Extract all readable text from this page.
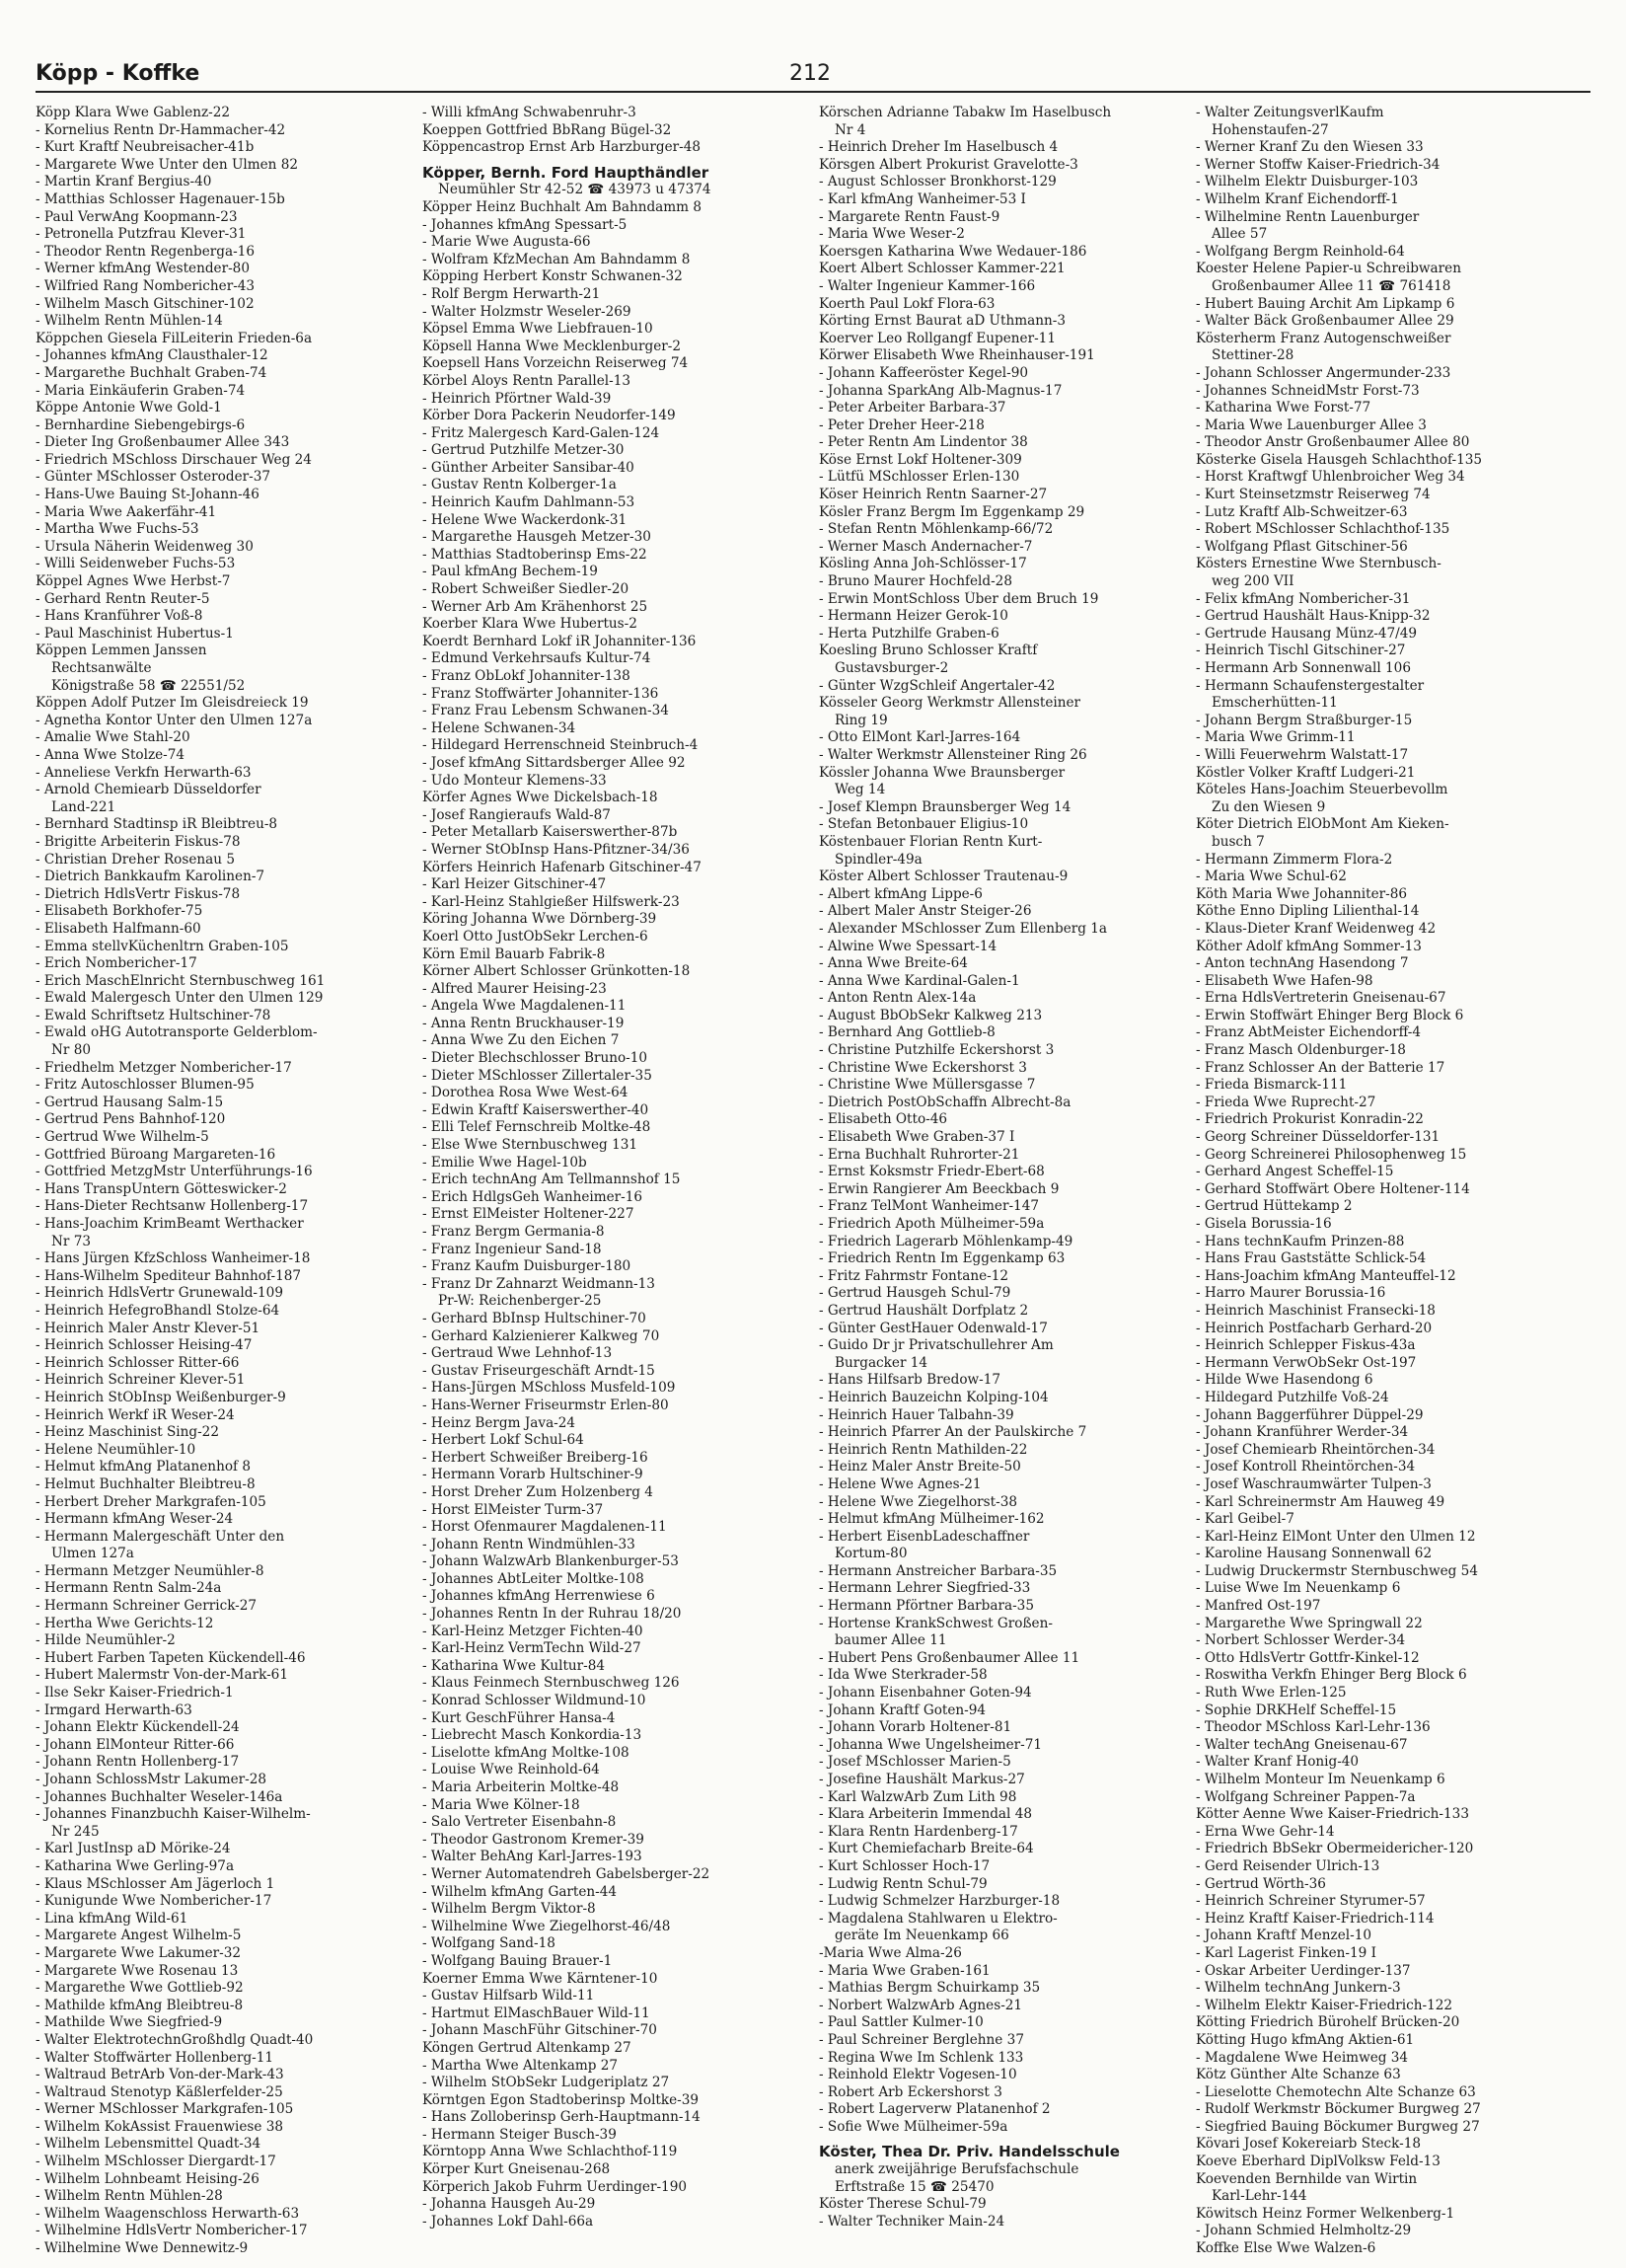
Köpp - Koffke	212
Köpp Klara Wwe Gablenz-22
- Kornelius Rentn Dr-Hammacher-42
- Kurt Kraftf Neubreisacher-41b
- Margarete Wwe Unter den Ulmen 82
- Martin Kranf Bergius-40
- Matthias Schlosser Hagenauer-15b
- Paul VerwAng Koopmann-23
- Petronella Putzfrau Klever-31
- Theodor Rentn Regenberga-16
- Werner kfmAng Westender-80
- Wilfried Rang Nombericher-43
- Wilhelm Masch Gitschiner-102
- Wilhelm Rentn Mühlen-14
Köppchen Giesela FilLeiterin Frieden-6a
- Johannes kfmAng Clausthaler-12
- Margarethe Buchhalt Graben-74
- Maria Einkäuferin Graben-74
Köppe Antonie Wwe Gold-1
- Bernhardine Siebengebirgs-6
- Dieter Ing Großenbaumer Allee 343
- Friedrich MSchloss Dirschauer Weg 24
- Günter MSchlosser Osteroder-37
- Hans-Uwe Bauing St-Johann-46
- Maria Wwe Aakerfähr-41
- Martha Wwe Fuchs-53
- Ursula Näherin Weidenweg 30
- Willi Seidenweber Fuchs-53
Köppel Agnes Wwe Herbst-7
- Gerhard Rentn Reuter-5
- Hans Kranführer Voß-8
- Paul Maschinist Hubertus-1
Köppen Lemmen Janssen
Rechtsanwälte
Königstraße 58 ☎ 22551/52
Köppen Adolf Putzer Im Gleisdreieck 19
- Agnetha Kontor Unter den Ulmen 127a
- Amalie Wwe Stahl-20
- Anna Wwe Stolze-74
- Anneliese Verkfn Herwarth-63
- Arnold Chemiearb Düsseldorfer
Land-221
- Bernhard Stadtinsp iR Bleibtreu-8
- Brigitte Arbeiterin Fiskus-78
- Christian Dreher Rosenau 5
- Dietrich Bankkaufm Karolinen-7
- Dietrich HdlsVertr Fiskus-78
- Elisabeth Borkhofer-75
- Elisabeth Halfmann-60
- Emma stellvKüchenltrn Graben-105
- Erich Nombericher-17
- Erich MaschElnricht Sternbuschweg 161
- Ewald Malergesch Unter den Ulmen 129
- Ewald Schriftsetz Hultschiner-78
- Ewald oHG Autotransporte Gelderblom-
Nr 80
- Friedhelm Metzger Nombericher-17
- Fritz Autoschlosser Blumen-95
- Gertrud Hausang Salm-15
- Gertrud Pens Bahnhof-120
- Gertrud Wwe Wilhelm-5
- Gottfried Büroang Margareten-16
- Gottfried MetzgMstr Unterführungs-16
- Hans TranspUntern Götteswicker-2
- Hans-Dieter Rechtsanw Hollenberg-17
- Hans-Joachim KrimBeamt Werthacker
Nr 73
- Hans Jürgen KfzSchloss Wanheimer-18
- Hans-Wilhelm Spediteur Bahnhof-187
- Heinrich HdlsVertr Grunewald-109
- Heinrich HefegroBhandl Stolze-64
- Heinrich Maler Anstr Klever-51
- Heinrich Schlosser Heising-47
- Heinrich Schlosser Ritter-66
- Heinrich Schreiner Klever-51
- Heinrich StObInsp Weißenburger-9
- Heinrich Werkf iR Weser-24
- Heinz Maschinist Sing-22
- Helene Neumühler-10
- Helmut kfmAng Platanenhof 8
- Helmut Buchhalter Bleibtreu-8
- Herbert Dreher Markgrafen-105
- Hermann kfmAng Weser-24
- Hermann Malergeschäft Unter den
Ulmen 127a
- Hermann Metzger Neumühler-8
- Hermann Rentn Salm-24a
- Hermann Schreiner Gerrick-27
- Hertha Wwe Gerichts-12
- Hilde Neumühler-2
- Hubert Farben Tapeten Kückendell-46
- Hubert Malermstr Von-der-Mark-61
- Ilse Sekr Kaiser-Friedrich-1
- Irmgard Herwarth-63
- Johann Elektr Kückendell-24
- Johann ElMonteur Ritter-66
- Johann Rentn Hollenberg-17
- Johann SchlossMstr Lakumer-28
- Johannes Buchhalter Weseler-146a
- Johannes Finanzbuchh Kaiser-Wilhelm-
Nr 245
- Karl JustInsp aD Mörike-24
- Katharina Wwe Gerling-97a
- Klaus MSchlosser Am Jägerloch 1
- Kunigunde Wwe Nombericher-17
- Lina kfmAng Wild-61
- Margarete Angest Wilhelm-5
- Margarete Wwe Lakumer-32
- Margarete Wwe Rosenau 13
- Margarethe Wwe Gottlieb-92
- Mathilde kfmAng Bleibtreu-8
- Mathilde Wwe Siegfried-9
- Walter ElektrotechnGroßhdlg Quadt-40
- Walter Stoffwärter Hollenberg-11
- Waltraud BetrArb Von-der-Mark-43
- Waltraud Stenotyp Käßlerfelder-25
- Werner MSchlosser Markgrafen-105
- Wilhelm KokAssist Frauenwiese 38
- Wilhelm Lebensmittel Quadt-34
- Wilhelm MSchlosser Diergardt-17
- Wilhelm Lohnbeamt Heising-26
- Wilhelm Rentn Mühlen-28
- Wilhelm Waagenschloss Herwarth-63
- Wilhelmine HdlsVertr Nombericher-17
- Wilhelmine Wwe Dennewitz-9
- Willi kfmAng Schwabenruhr-3
Koeppen Gottfried BbRang Bügel-32
Köppencastrop Ernst Arb Harzburger-48
Köpper, Bernh. Ford Haupthändler
Neumühler Str 42-52 ☎ 43973 u 47374
Köpper Heinz Buchhalt Am Bahndamm 8
- Johannes kfmAng Spessart-5
- Marie Wwe Augusta-66
- Wolfram KfzMechan Am Bahndamm 8
Köpping Herbert Konstr Schwanen-32
- Rolf Bergm Herwarth-21
- Walter Holzmstr Weseler-269
Köpsel Emma Wwe Liebfrauen-10
Köpsell Hanna Wwe Mecklenburger-2
Koepsell Hans Vorzeichn Reiserweg 74
Körbel Aloys Rentn Parallel-13
- Heinrich Pförtner Wald-39
Körber Dora Packerin Neudorfer-149
- Fritz Malergesch Kard-Galen-124
- Gertrud Putzhilfe Metzer-30
- Günther Arbeiter Sansibar-40
- Gustav Rentn Kolberger-1a
- Heinrich Kaufm Dahlmann-53
- Helene Wwe Wackerdonk-31
- Margarethe Hausgeh Metzer-30
- Matthias Stadtoberinsp Ems-22
- Paul kfmAng Bechem-19
- Robert Schweißer Siedler-20
- Werner Arb Am Krähenhorst 25
Koerber Klara Wwe Hubertus-2
Koerdt Bernhard Lokf iR Johanniter-136
- Edmund Verkehrsaufs Kultur-74
- Franz ObLokf Johanniter-138
- Franz Stoffwärter Johanniter-136
- Franz Frau Lebensm Schwanen-34
- Helene Schwanen-34
- Hildegard Herrenschneid Steinbruch-4
- Josef kfmAng Sittardsberger Allee 92
- Udo Monteur Klemens-33
Körfer Agnes Wwe Dickelsbach-18
- Josef Rangieraufs Wald-87
- Peter Metallarb Kaiserswerther-87b
- Werner StObInsp Hans-Pfitzner-34/36
Körfers Heinrich Hafenarb Gitschiner-47
- Karl Heizer Gitschiner-47
- Karl-Heinz Stahlgießer Hilfswerk-23
Köring Johanna Wwe Dörnberg-39
Koerl Otto JustObSekr Lerchen-6
Körn Emil Bauarb Fabrik-8
Körner Albert Schlosser Grünkotten-18
- Alfred Maurer Heising-23
- Angela Wwe Magdalenen-11
- Anna Rentn Bruckhauser-19
- Anna Wwe Zu den Eichen 7
- Dieter Blechschlosser Bruno-10
- Dieter MSchlosser Zillertaler-35
- Dorothea Rosa Wwe West-64
- Edwin Kraftf Kaiserswerther-40
- Elli Telef Fernschreib Moltke-48
- Else Wwe Sternbuschweg 131
- Emilie Wwe Hagel-10b
- Erich technAng Am Tellmannshof 15
- Erich HdlgsGeh Wanheimer-16
- Ernst ElMeister Holtener-227
- Franz Bergm Germania-8
- Franz Ingenieur Sand-18
- Franz Kaufm Duisburger-180
- Franz Dr Zahnarzt Weidmann-13
Pr-W: Reichenberger-25
- Gerhard BbInsp Hultschiner-70
- Gerhard Kalzienierer Kalkweg 70
- Gertraud Wwe Lehnhof-13
- Gustav Friseurgeschäft Arndt-15
- Hans-Jürgen MSchloss Musfeld-109
- Hans-Werner Friseurmstr Erlen-80
- Heinz Bergm Java-24
- Herbert Lokf Schul-64
- Herbert Schweißer Breiberg-16
- Hermann Vorarb Hultschiner-9
- Horst Dreher Zum Holzenberg 4
- Horst ElMeister Turm-37
- Horst Ofenmaurer Magdalenen-11
- Johann Rentn Windmühlen-33
- Johann WalzwArb Blankenburger-53
- Johannes AbtLeiter Moltke-108
- Johannes kfmAng Herrenwiese 6
- Johannes Rentn In der Ruhrau 18/20
- Karl-Heinz Metzger Fichten-40
- Karl-Heinz VermTechn Wild-27
- Katharina Wwe Kultur-84
- Klaus Feinmech Sternbuschweg 126
- Konrad Schlosser Wildmund-10
- Kurt GeschFührer Hansa-4
- Liebrecht Masch Konkordia-13
- Liselotte kfmAng Moltke-108
- Louise Wwe Reinhold-64
- Maria Arbeiterin Moltke-48
- Maria Wwe Kölner-18
- Salo Vertreter Eisenbahn-8
- Theodor Gastronom Kremer-39
- Walter BehAng Karl-Jarres-193
- Werner Automatendreh Gabelsberger-22
- Wilhelm kfmAng Garten-44
- Wilhelm Bergm Viktor-8
- Wilhelmine Wwe Ziegelhorst-46/48
- Wolfgang Sand-18
- Wolfgang Bauing Brauer-1
Koerner Emma Wwe Kärntener-10
- Gustav Hilfsarb Wild-11
- Hartmut ElMaschBauer Wild-11
- Johann MaschFühr Gitschiner-70
Köngen Gertrud Altenkamp 27
- Martha Wwe Altenkamp 27
- Wilhelm StObSekr Ludgeriplatz 27
Körntgen Egon Stadtoberinsp Moltke-39
- Hans Zolloberinsp Gerh-Hauptmann-14
- Hermann Steiger Busch-39
Körntopp Anna Wwe Schlachthof-119
Körper Kurt Gneisenau-268
Körperich Jakob Fuhrm Uerdinger-190
- Johanna Hausgeh Au-29
- Johannes Lokf Dahl-66a
Körschen Adrianne Tabakw Im Haselbusch
Nr 4
- Heinrich Dreher Im Haselbusch 4
Körsgen Albert Prokurist Gravelotte-3
- August Schlosser Bronkhorst-129
- Karl kfmAng Wanheimer-53 I
- Margarete Rentn Faust-9
- Maria Wwe Weser-2
Koersgen Katharina Wwe Wedauer-186
Koert Albert Schlosser Kammer-221
- Walter Ingenieur Kammer-166
Koerth Paul Lokf Flora-63
Körting Ernst Baurat aD Uthmann-3
Koerver Leo Rollgangf Eupener-11
Körwer Elisabeth Wwe Rheinhauser-191
- Johann Kaffeeröster Kegel-90
- Johanna SparkAng Alb-Magnus-17
- Peter Arbeiter Barbara-37
- Peter Dreher Heer-218
- Peter Rentn Am Lindentor 38
Köse Ernst Lokf Holtener-309
- Lütfü MSchlosser Erlen-130
Köser Heinrich Rentn Saarner-27
Kösler Franz Bergm Im Eggenkamp 29
- Stefan Rentn Möhlenkamp-66/72
- Werner Masch Andernacher-7
Kösling Anna Joh-Schlösser-17
- Bruno Maurer Hochfeld-28
- Erwin MontSchloss Über dem Bruch 19
- Hermann Heizer Gerok-10
- Herta Putzhilfe Graben-6
Koesling Bruno Schlosser Kraftf
Gustavsburger-2
- Günter WzgSchleif Angertaler-42
Kösseler Georg Werkmstr Allensteiner
Ring 19
- Otto ElMont Karl-Jarres-164
- Walter Werkmstr Allensteiner Ring 26
Kössler Johanna Wwe Braunsberger
Weg 14
- Josef Klempn Braunsberger Weg 14
- Stefan Betonbauer Eligius-10
Köstenbauer Florian Rentn Kurt-
Spindler-49a
Köster Albert Schlosser Trautenau-9
- Albert kfmAng Lippe-6
- Albert Maler Anstr Steiger-26
- Alexander MSchlosser Zum Ellenberg 1a
- Alwine Wwe Spessart-14
- Anna Wwe Breite-64
- Anna Wwe Kardinal-Galen-1
- Anton Rentn Alex-14a
- August BbObSekr Kalkweg 213
- Bernhard Ang Gottlieb-8
- Christine Putzhilfe Eckershorst 3
- Christine Wwe Eckershorst 3
- Christine Wwe Müllersgasse 7
- Dietrich PostObSchaffn Albrecht-8a
- Elisabeth Otto-46
- Elisabeth Wwe Graben-37 I
- Erna Buchhalt Ruhrorter-21
- Ernst Koksmstr Friedr-Ebert-68
- Erwin Rangierer Am Beeckbach 9
- Franz TelMont Wanheimer-147
- Friedrich Apoth Mülheimer-59a
- Friedrich Lagerarb Möhlenkamp-49
- Friedrich Rentn Im Eggenkamp 63
- Fritz Fahrmstr Fontane-12
- Gertrud Hausgeh Schul-79
- Gertrud Haushält Dorfplatz 2
- Günter GestHauer Odenwald-17
- Guido Dr jr Privatschullehrer Am
Burgacker 14
- Hans Hilfsarb Bredow-17
- Heinrich Bauzeichn Kolping-104
- Heinrich Hauer Talbahn-39
- Heinrich Pfarrer An der Paulskirche 7
- Heinrich Rentn Mathilden-22
- Heinz Maler Anstr Breite-50
- Helene Wwe Agnes-21
- Helene Wwe Ziegelhorst-38
- Helmut kfmAng Mülheimer-162
- Herbert EisenbLadeschaffner
Kortum-80
- Hermann Anstreicher Barbara-35
- Hermann Lehrer Siegfried-33
- Hermann Pförtner Barbara-35
- Hortense KrankSchwest Großen-
baumer Allee 11
- Hubert Pens Großenbaumer Allee 11
- Ida Wwe Sterkrader-58
- Johann Eisenbahner Goten-94
- Johann Kraftf Goten-94
- Johann Vorarb Holtener-81
- Johanna Wwe Ungelsheimer-71
- Josef MSchlosser Marien-5
- Josefine Haushält Markus-27
- Karl WalzwArb Zum Lith 98
- Klara Arbeiterin Immendal 48
- Klara Rentn Hardenberg-17
- Kurt Chemiefacharb Breite-64
- Kurt Schlosser Hoch-17
- Ludwig Rentn Schul-79
- Ludwig Schmelzer Harzburger-18
- Magdalena Stahlwaren u Elektro-
geräte Im Neuenkamp 66
-Maria Wwe Alma-26
- Maria Wwe Graben-161
- Mathias Bergm Schuirkamp 35
- Norbert WalzwArb Agnes-21
- Paul Sattler Kulmer-10
- Paul Schreiner Berglehne 37
- Regina Wwe Im Schlenk 133
- Reinhold Elektr Vogesen-10
- Robert Arb Eckershorst 3
- Robert Lagerverw Platanenhof 2
- Sofie Wwe Mülheimer-59a
Köster, Thea Dr. Priv. Handelsschule
anerk zweijährige Berufsfachschule
Erftstraße 15 ☎ 25470
Köster Therese Schul-79
- Walter Techniker Main-24
- Walter ZeitungsverlKaufm
Hohenstaufen-27
- Werner Kranf Zu den Wiesen 33
- Werner Stoffw Kaiser-Friedrich-34
- Wilhelm Elektr Duisburger-103
- Wilhelm Kranf Eichendorff-1
- Wilhelmine Rentn Lauenburger
Allee 57
- Wolfgang Bergm Reinhold-64
Koester Helene Papier-u Schreibwaren
Großenbaumer Allee 11 ☎ 761418
- Hubert Bauing Archit Am Lipkamp 6
- Walter Bäck Großenbaumer Allee 29
Kösterherm Franz Autogenschweißer
Stettiner-28
- Johann Schlosser Angermunder-233
- Johannes SchneidMstr Forst-73
- Katharina Wwe Forst-77
- Maria Wwe Lauenburger Allee 3
- Theodor Anstr Großenbaumer Allee 80
Kösterke Gisela Hausgeh Schlachthof-135
- Horst Kraftwgf Uhlenbroicher Weg 34
- Kurt Steinsetzmstr Reiserweg 74
- Lutz Kraftf Alb-Schweitzer-63
- Robert MSchlosser Schlachthof-135
- Wolfgang Pflast Gitschiner-56
Kösters Ernestine Wwe Sternbusch-
weg 200 VII
- Felix kfmAng Nombericher-31
- Gertrud Haushält Haus-Knipp-32
- Gertrude Hausang Münz-47/49
- Heinrich Tischl Gitschiner-27
- Hermann Arb Sonnenwall 106
- Hermann Schaufenstergestalter
Emscherhütten-11
- Johann Bergm Straßburger-15
- Maria Wwe Grimm-11
- Willi Feuerwehrm Walstatt-17
Köstler Volker Kraftf Ludgeri-21
Köteles Hans-Joachim Steuerbevollm
Zu den Wiesen 9
Köter Dietrich ElObMont Am Kieken-
busch 7
- Hermann Zimmerm Flora-2
- Maria Wwe Schul-62
Köth Maria Wwe Johanniter-86
Köthe Enno Dipling Lilienthal-14
- Klaus-Dieter Kranf Weidenweg 42
Köther Adolf kfmAng Sommer-13
- Anton technAng Hasendong 7
- Elisabeth Wwe Hafen-98
- Erna HdlsVertreterin Gneisenau-67
- Erwin Stoffwärt Ehinger Berg Block 6
- Franz AbtMeister Eichendorff-4
- Franz Masch Oldenburger-18
- Franz Schlosser An der Batterie 17
- Frieda Bismarck-111
- Frieda Wwe Ruprecht-27
- Friedrich Prokurist Konradin-22
- Georg Schreiner Düsseldorfer-131
- Georg Schreinerei Philosophenweg 15
- Gerhard Angest Scheffel-15
- Gerhard Stoffwärt Obere Holtener-114
- Gertrud Hüttekamp 2
- Gisela Borussia-16
- Hans technKaufm Prinzen-88
- Hans Frau Gaststätte Schlick-54
- Hans-Joachim kfmAng Manteuffel-12
- Harro Maurer Borussia-16
- Heinrich Maschinist Fransecki-18
- Heinrich Postfacharb Gerhard-20
- Heinrich Schlepper Fiskus-43a
- Hermann VerwObSekr Ost-197
- Hilde Wwe Hasendong 6
- Hildegard Putzhilfe Voß-24
- Johann Baggerführer Düppel-29
- Johann Kranführer Werder-34
- Josef Chemiearb Rheintörchen-34
- Josef Kontroll Rheintörchen-34
- Josef Waschraumwärter Tulpen-3
- Karl Schreinermstr Am Hauweg 49
- Karl Geibel-7
- Karl-Heinz ElMont Unter den Ulmen 12
- Karoline Hausang Sonnenwall 62
- Ludwig Druckermstr Sternbuschweg 54
- Luise Wwe Im Neuenkamp 6
- Manfred Ost-197
- Margarethe Wwe Springwall 22
- Norbert Schlosser Werder-34
- Otto HdlsVertr Gottfr-Kinkel-12
- Roswitha Verkfn Ehinger Berg Block 6
- Ruth Wwe Erlen-125
- Sophie DRKHelf Scheffel-15
- Theodor MSchloss Karl-Lehr-136
- Walter techAng Gneisenau-67
- Walter Kranf Honig-40
- Wilhelm Monteur Im Neuenkamp 6
- Wolfgang Schreiner Pappen-7a
Kötter Aenne Wwe Kaiser-Friedrich-133
- Erna Wwe Gehr-14
- Friedrich BbSekr Obermeidericher-120
- Gerd Reisender Ulrich-13
- Gertrud Wörth-36
- Heinrich Schreiner Styrumer-57
- Heinz Kraftf Kaiser-Friedrich-114
- Johann Kraftf Menzel-10
- Karl Lagerist Finken-19 I
- Oskar Arbeiter Uerdinger-137
- Wilhelm technAng Junkern-3
- Wilhelm Elektr Kaiser-Friedrich-122
Kötting Friedrich Bürohelf Brücken-20
Kötting Hugo kfmAng Aktien-61
- Magdalene Wwe Heimweg 34
Kötz Günther Alte Schanze 63
- Lieselotte Chemotechn Alte Schanze 63
- Rudolf Werkmstr Böckumer Burgweg 27
- Siegfried Bauing Böckumer Burgweg 27
Kövari Josef Kokereiarb Steck-18
Koeve Eberhard DiplVolksw Feld-13
Koevenden Bernhilde van Wirtin
Karl-Lehr-144
Köwitsch Heinz Former Welkenberg-1
- Johann Schmied Helmholtz-29
Koffke Else Wwe Walzen-6
